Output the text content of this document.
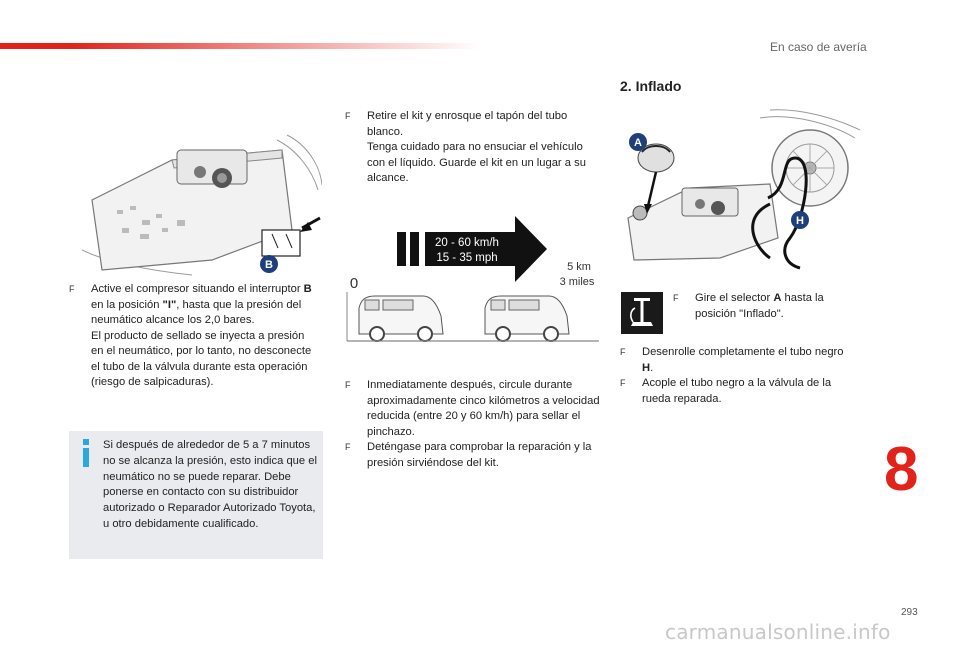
En caso de avería
8
293
B
F	Active el compresor situando el interruptor B en la posición "I", hasta que la presión del neumático alcance los 2,0 bares.
El producto de sellado se inyecta a presión en el neumático, por lo tanto, no desconecte el tubo de la válvula durante esta operación (riesgo de salpicaduras).
Si después de alrededor de 5 a 7 minutos no se alcanza la presión, esto indica que el neumático no se puede reparar. Debe ponerse en contacto con su distribuidor autorizado o Reparador Autorizado Toyota, u otro debidamente cualificado.
F	Retire el kit y enrosque el tapón del tubo blanco.
Tenga cuidado para no ensuciar el vehículo con el líquido. Guarde el kit en un lugar a su alcance.
20 - 60 km/h
15 - 35 mph
5 km
3 miles
0
F	Inmediatamente después, circule durante aproximadamente cinco kilómetros a velocidad reducida (entre 20 y 60 km/h) para sellar el pinchazo.
F	Deténgase para comprobar la reparación y la presión sirviéndose del kit.
2. Inflado
A
H
F	Gire el selector A hasta la posición "Inflado".
F	Desenrolle completamente el tubo negro H.
F	Acople el tubo negro a la válvula de la rueda reparada.
carmanualsonline.info
